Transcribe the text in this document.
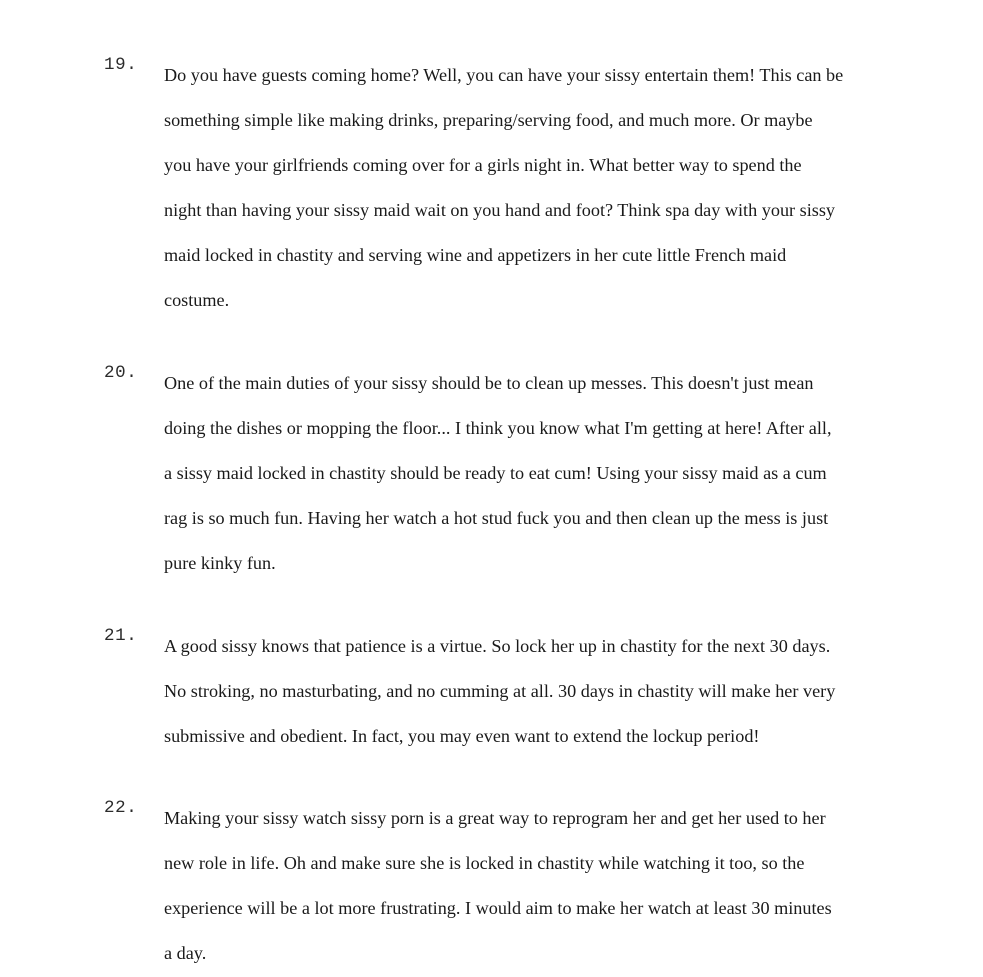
19. Do you have guests coming home? Well, you can have your sissy entertain them! This can be
something simple like making drinks, preparing/serving food, and much more. Or maybe
you have your girlfriends coming over for a girls night in. What better way to spend the
night than having your sissy maid wait on you hand and foot? Think spa day with your sissy
maid locked in chastity and serving wine and appetizers in her cute little French maid
costume.

20. One of the main duties of your sissy should be to clean up messes. This doesn't just mean
doing the dishes or mopping the floor... I think you know what I'm getting at here! After all,
a sissy maid locked in chastity should be ready to eat cum! Using your sissy maid as a cum
rag is so much fun. Having her watch a hot stud fuck you and then clean up the mess is just
pure kinky fun.

21. A good sissy knows that patience is a virtue. So lock her up in chastity for the next 30 days.
No stroking, no masturbating, and no cumming at all. 30 days in chastity will make her very
submissive and obedient. In fact, you may even want to extend the lockup period!

22. Making your sissy watch sissy porn is a great way to reprogram her and get her used to her
new role in life. Oh and make sure she is locked in chastity while watching it too, so the
experience will be a lot more frustrating. I would aim to make her watch at least 30 minutes
a day.
